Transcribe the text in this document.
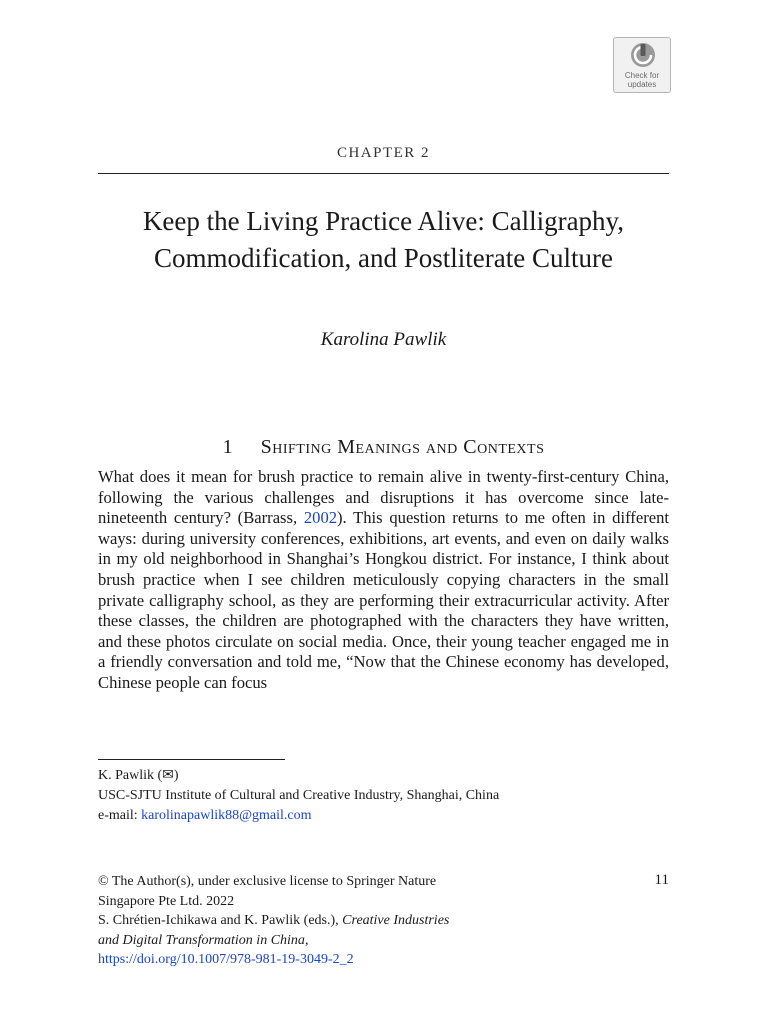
Check for
updates
CHAPTER 2
Keep the Living Practice Alive: Calligraphy,
Commodification, and Postliterate Culture
Karolina Pawlik
1 Shifting Meanings and Contexts

What does it mean for brush practice to remain alive in twenty-first-century China, following the various challenges and disruptions it has overcome since late-nineteenth century? (Barrass, 2002). This question returns to me often in different ways: during university conferences, exhibitions, art events, and even on daily walks in my old neighborhood in Shanghai’s Hongkou district. For instance, I think about brush practice when I see children meticulously copying characters in the small private calligraphy school, as they are performing their extracurricular activity. After these classes, the children are photographed with the characters they have written, and these photos circulate on social media. Once, their young teacher engaged me in a friendly conversation and told me, “Now that the Chinese economy has developed, Chinese people can focus

K. Pawlik (✉)
USC-SJTU Institute of Cultural and Creative Industry, Shanghai, China
e-mail: karolinapawlik88@gmail.com
© The Author(s), under exclusive license to Springer Nature
Singapore Pte Ltd. 2022
S. Chrétien-Ichikawa and K. Pawlik (eds.), Creative Industries
and Digital Transformation in China,
https://doi.org/10.1007/978-981-19-3049-2_2
11
